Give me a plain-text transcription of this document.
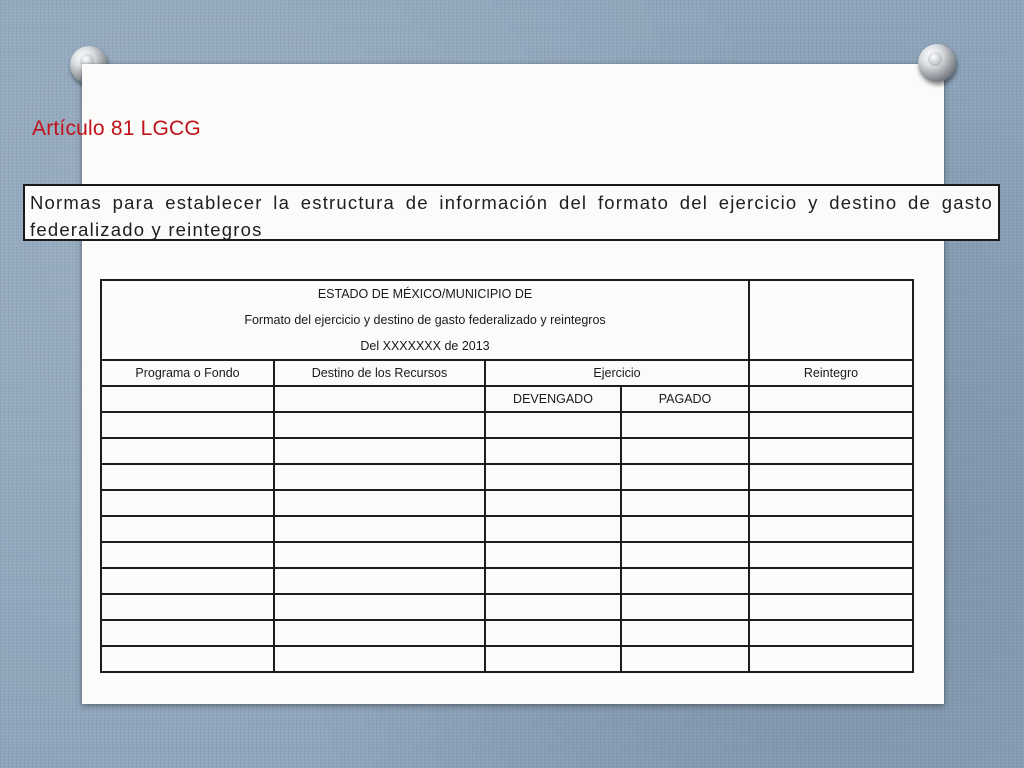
Artículo 81 LGCG
Normas para establecer la estructura de información del formato del ejercicio y destino de gasto federalizado y reintegros
ESTADO DE MÉXICO/MUNICIPIO DE
Formato del ejercicio y destino de gasto federalizado y reintegros
Del XXXXXXX de 2013				

Programa o Fondo	Destino de los Recursos	Ejercicio		Reintegro
		DEVENGADO	PAGADO	
